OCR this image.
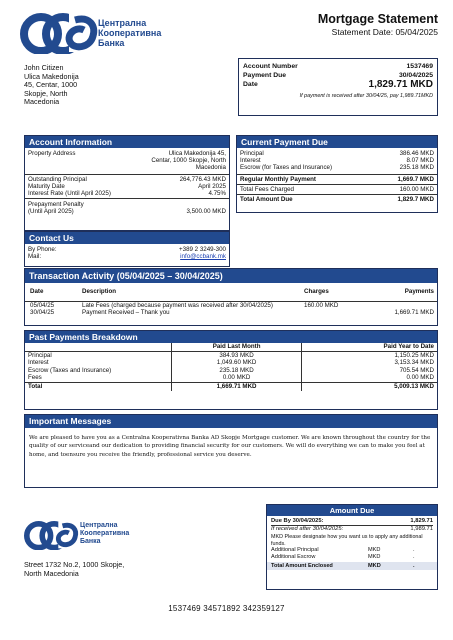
Централна
Кооперативна
Банка
Mortgage Statement
Statement Date: 05/04/2025
John Citizen
Ulica Makedonija
45, Centar, 1000
Skopje, North
Macedonia
Account Number	1537469
Payment Due	30/04/2025
Date	1,829.71 MKD
If payment is received after 30/04/25, pay 1,989.71MKD
Account Information
Property Address	Ulica Makedonija 45,
Centar, 1000 Skopje, North
Macedonia
Outstanding Principal	264,776.43 MKD
Maturity Date	April 2025
Interest Rate (Until April 2025)	4.75%
Prepayment Penalty
(Until April 2025)	3,500.00 MKD
Contact Us
By Phone:	+389 2 3249-300
Mail:	info@ccbank.mk
Current Payment Due
Principal	386.46 MKD
Interest	8.07 MKD
Escrow (for Taxes and Insurance)	235.18 MKD
Regular Monthly Payment	1,669.7 MKD
Total Fees Charged	160.00 MKD
Total Amount Due	1,829.7 MKD
Transaction Activity (05/04/2025 – 30/04/2025)
Date	Description	Charges	Payments

05/04/25	Late Fees (charged because payment was received after 30/04/2025)	160.00 MKD	
30/04/25	Payment Received – Thank you		1,669.71 MKD
Past Payments Breakdown
	Paid Last Month	Paid Year to Date
Principal	384.93 MKD	1,150.25 MKD
Interest	1,049.60 MKD	3,153.34 MKD
Escrow (Taxes and Insurance)	235.18 MKD	705.54 MKD
Fees	0.00 MKD	0.00 MKD
Total	1,669.71 MKD	5,009.13 MKD
Important Messages
We are pleased to have you as a Centralna Kooperativna Banka AD Skopje Mortgage customer. We are known throughout the country for the quality of our serviceand our dedication to providing financial security for our customers. We will do everything we can to make you feel at home, and toensure you receive the friendly, professional service you deserve.
Централна
Кооперативна
Банка
Street 1732 No.2, 1000 Skopje,
North Macedonia
Amount Due
Due By 30/04/2025:	1,829.71
If received after 30/04/2025:	1,989.71
MKD Please designate how you want us to apply any additional funds.
Additional Principal	MKD	.
Additional Escrow	MKD	.
Total Amount Enclosed	MKD	.
1537469 34571892 342359127
